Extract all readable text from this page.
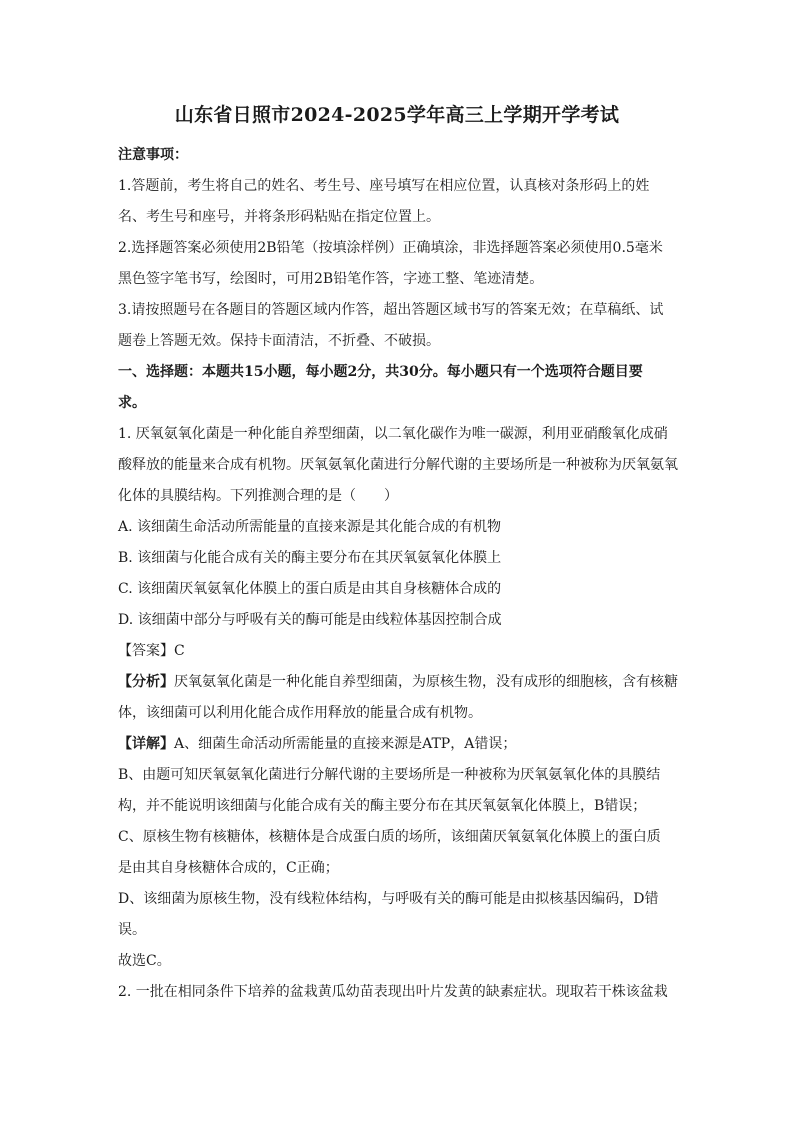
山东省日照市2024-2025学年高三上学期开学考试

注意事项：

1.答题前，考生将自己的姓名、考生号、座号填写在相应位置，认真核对条形码上的姓

名、考生号和座号，并将条形码粘贴在指定位置上。

2.选择题答案必须使用2B铅笔（按填涂样例）正确填涂，非选择题答案必须使用0.5毫米

黑色签字笔书写，绘图时，可用2B铅笔作答，字迹工整、笔迹清楚。

3.请按照题号在各题目的答题区域内作答，超出答题区域书写的答案无效；在草稿纸、试

题卷上答题无效。保持卡面清洁，不折叠、不破损。

一、选择题：本题共15小题，每小题2分，共30分。每小题只有一个选项符合题目要

求。

1. 厌氧氨氧化菌是一种化能自养型细菌，以二氧化碳作为唯一碳源，利用亚硝酸氧化成硝

酸释放的能量来合成有机物。厌氧氨氧化菌进行分解代谢的主要场所是一种被称为厌氧氨氧

化体的具膜结构。下列推测合理的是（　　）

A. 该细菌生命活动所需能量的直接来源是其化能合成的有机物

B. 该细菌与化能合成有关的酶主要分布在其厌氧氨氧化体膜上

C. 该细菌厌氧氨氧化体膜上的蛋白质是由其自身核糖体合成的

D. 该细菌中部分与呼吸有关的酶可能是由线粒体基因控制合成

【答案】C

【分析】厌氧氨氧化菌是一种化能自养型细菌，为原核生物，没有成形的细胞核，含有核糖

体，该细菌可以利用化能合成作用释放的能量合成有机物。

【详解】A、细菌生命活动所需能量的直接来源是ATP，A错误；

B、由题可知厌氧氨氧化菌进行分解代谢的主要场所是一种被称为厌氧氨氧化体的具膜结

构，并不能说明该细菌与化能合成有关的酶主要分布在其厌氧氨氧化体膜上，B错误；

C、原核生物有核糖体，核糖体是合成蛋白质的场所，该细菌厌氧氨氧化体膜上的蛋白质

是由其自身核糖体合成的，C正确；

D、该细菌为原核生物，没有线粒体结构，与呼吸有关的酶可能是由拟核基因编码，D错

误。

故选C。

2. 一批在相同条件下培养的盆栽黄瓜幼苗表现出叶片发黄的缺素症状。现取若干株该盆栽
